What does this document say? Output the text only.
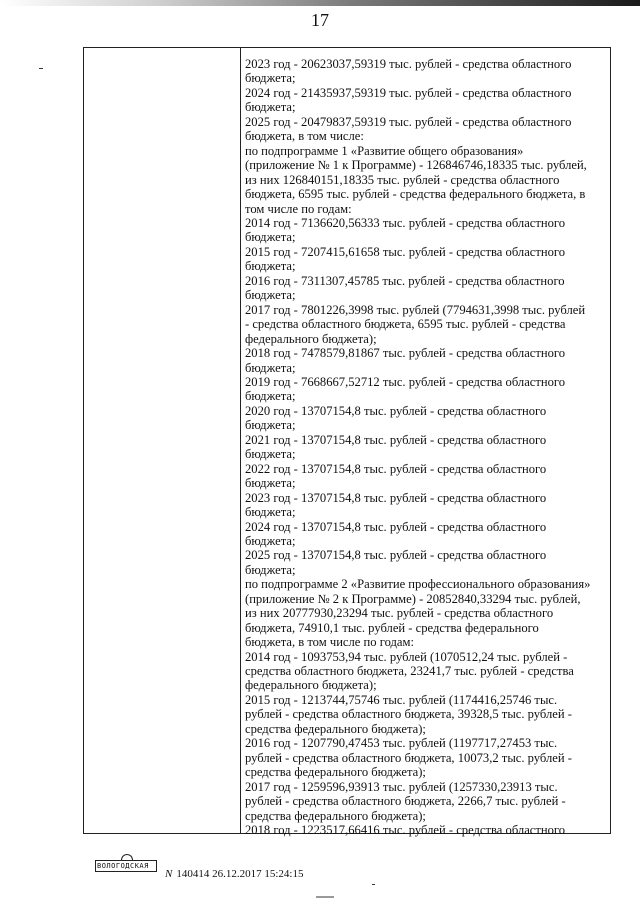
17
2023 год - 20623037,59319 тыс. рублей - средства областного
бюджета;
2024 год - 21435937,59319 тыс. рублей - средства областного
бюджета;
2025 год - 20479837,59319 тыс. рублей - средства областного
бюджета, в том числе:
по подпрограмме 1 «Развитие общего образования»
(приложение № 1 к Программе) - 126846746,18335 тыс. рублей,
из них 126840151,18335 тыс. рублей - средства областного
бюджета, 6595 тыс. рублей - средства федерального бюджета, в
том числе по годам:
2014 год - 7136620,56333 тыс. рублей - средства областного
бюджета;
2015 год - 7207415,61658 тыс. рублей - средства областного
бюджета;
2016 год - 7311307,45785 тыс. рублей - средства областного
бюджета;
2017 год - 7801226,3998 тыс. рублей (7794631,3998 тыс. рублей
- средства областного бюджета, 6595 тыс. рублей - средства
федерального бюджета);
2018 год - 7478579,81867 тыс. рублей - средства областного
бюджета;
2019 год - 7668667,52712 тыс. рублей - средства областного
бюджета;
2020 год - 13707154,8 тыс. рублей - средства областного
бюджета;
2021 год - 13707154,8 тыс. рублей - средства областного
бюджета;
2022 год - 13707154,8 тыс. рублей - средства областного
бюджета;
2023 год - 13707154,8 тыс. рублей - средства областного
бюджета;
2024 год - 13707154,8 тыс. рублей - средства областного
бюджета;
2025 год - 13707154,8 тыс. рублей - средства областного
бюджета;
по подпрограмме 2 «Развитие профессионального образования»
(приложение № 2 к Программе) - 20852840,33294 тыс. рублей,
из них 20777930,23294 тыс. рублей - средства областного
бюджета, 74910,1 тыс. рублей - средства федерального
бюджета, в том числе по годам:
2014 год - 1093753,94 тыс. рублей (1070512,24 тыс. рублей -
средства областного бюджета, 23241,7 тыс. рублей - средства
федерального бюджета);
2015 год - 1213744,75746 тыс. рублей (1174416,25746 тыс.
рублей - средства областного бюджета, 39328,5 тыс. рублей -
средства федерального бюджета);
2016 год - 1207790,47453 тыс. рублей (1197717,27453 тыс.
рублей - средства областного бюджета, 10073,2 тыс. рублей -
средства федерального бюджета);
2017 год - 1259596,93913 тыс. рублей (1257330,23913 тыс.
рублей - средства областного бюджета, 2266,7 тыс. рублей -
средства федерального бюджета);
2018 год - 1223517,66416 тыс. рублей - средства областного
ВОЛОГОДСКАЯ
N 140414 26.12.2017 15:24:15
